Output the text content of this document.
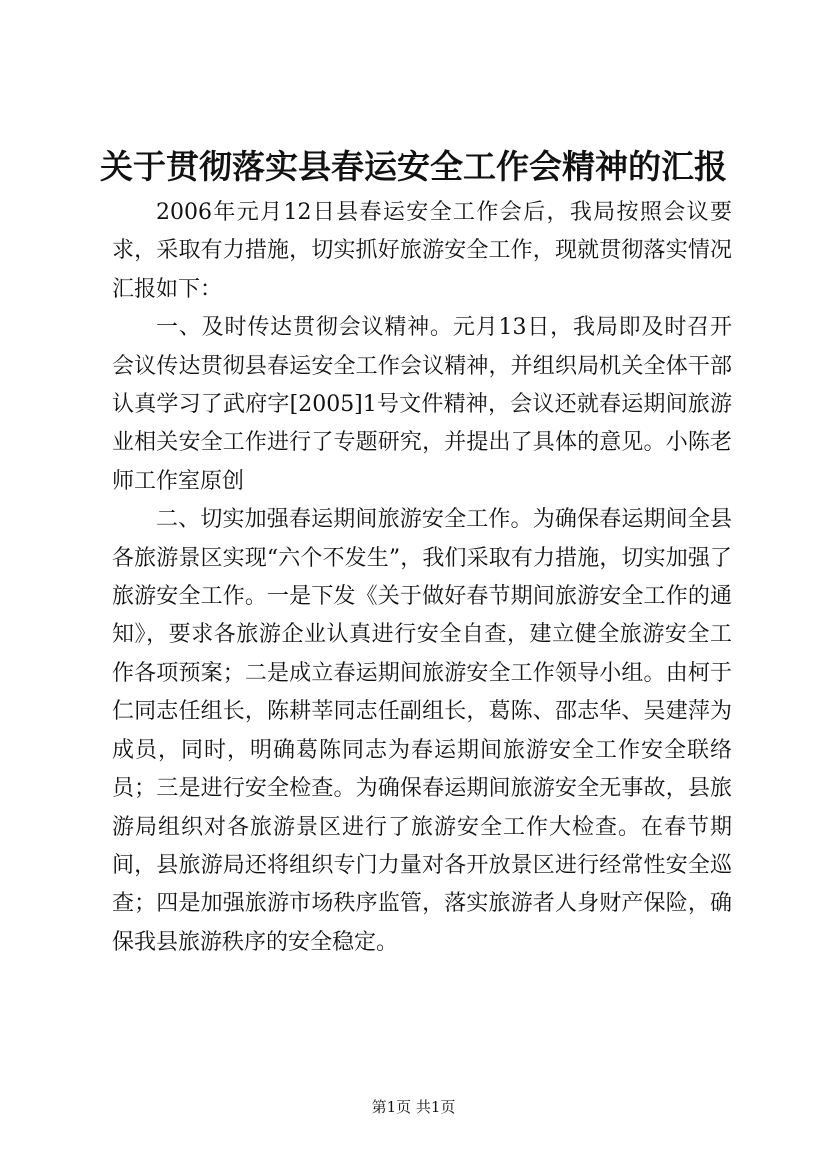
关于贯彻落实县春运安全工作会精神的汇报

2006年元月12日县春运安全工作会后，我局按照会议要求，采取有力措施，切实抓好旅游安全工作，现就贯彻落实情况汇报如下：

一、及时传达贯彻会议精神。元月13日，我局即及时召开会议传达贯彻县春运安全工作会议精神，并组织局机关全体干部认真学习了武府字[2005]1号文件精神，会议还就春运期间旅游业相关安全工作进行了专题研究，并提出了具体的意见。小陈老师工作室原创

二、切实加强春运期间旅游安全工作。为确保春运期间全县各旅游景区实现“六个不发生”，我们采取有力措施，切实加强了旅游安全工作。一是下发《关于做好春节期间旅游安全工作的通知》，要求各旅游企业认真进行安全自查，建立健全旅游安全工作各项预案；二是成立春运期间旅游安全工作领导小组。由柯于仁同志任组长，陈耕莘同志任副组长，葛陈、邵志华、吴建萍为成员，同时，明确葛陈同志为春运期间旅游安全工作安全联络员；三是进行安全检查。为确保春运期间旅游安全无事故，县旅游局组织对各旅游景区进行了旅游安全工作大检查。在春节期间，县旅游局还将组织专门力量对各开放景区进行经常性安全巡查；四是加强旅游市场秩序监管，落实旅游者人身财产保险，确保我县旅游秩序的安全稳定。

第1页 共1页
